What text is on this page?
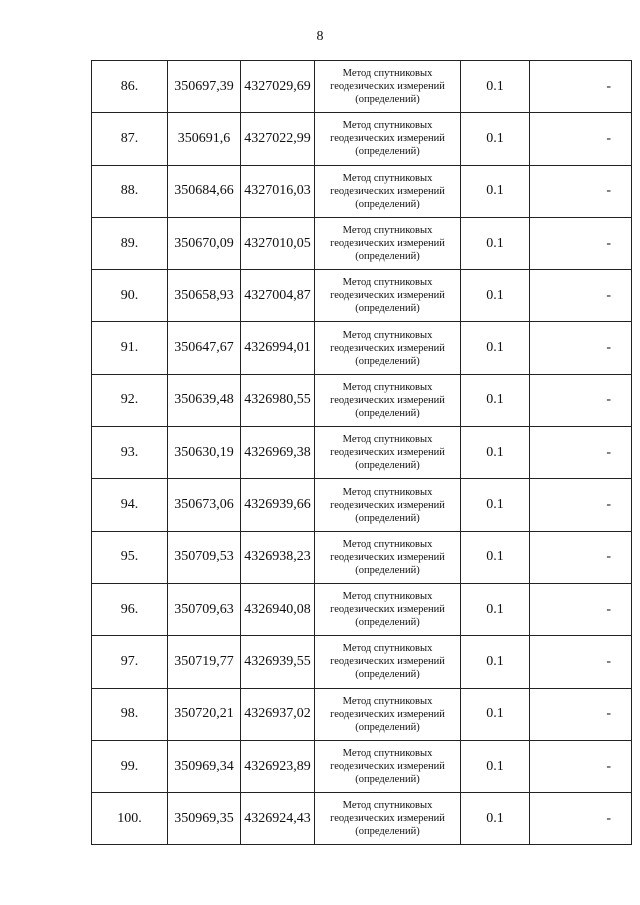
8
86.	350697,39	4327029,69	Метод спутниковых
геодезических измерений
(определений)	0.1	-
87.	350691,6	4327022,99	Метод спутниковых
геодезических измерений
(определений)	0.1	-
88.	350684,66	4327016,03	Метод спутниковых
геодезических измерений
(определений)	0.1	-
89.	350670,09	4327010,05	Метод спутниковых
геодезических измерений
(определений)	0.1	-
90.	350658,93	4327004,87	Метод спутниковых
геодезических измерений
(определений)	0.1	-
91.	350647,67	4326994,01	Метод спутниковых
геодезических измерений
(определений)	0.1	-
92.	350639,48	4326980,55	Метод спутниковых
геодезических измерений
(определений)	0.1	-
93.	350630,19	4326969,38	Метод спутниковых
геодезических измерений
(определений)	0.1	-
94.	350673,06	4326939,66	Метод спутниковых
геодезических измерений
(определений)	0.1	-
95.	350709,53	4326938,23	Метод спутниковых
геодезических измерений
(определений)	0.1	-
96.	350709,63	4326940,08	Метод спутниковых
геодезических измерений
(определений)	0.1	-
97.	350719,77	4326939,55	Метод спутниковых
геодезических измерений
(определений)	0.1	-
98.	350720,21	4326937,02	Метод спутниковых
геодезических измерений
(определений)	0.1	-
99.	350969,34	4326923,89	Метод спутниковых
геодезических измерений
(определений)	0.1	-
100.	350969,35	4326924,43	Метод спутниковых
геодезических измерений
(определений)	0.1	-
